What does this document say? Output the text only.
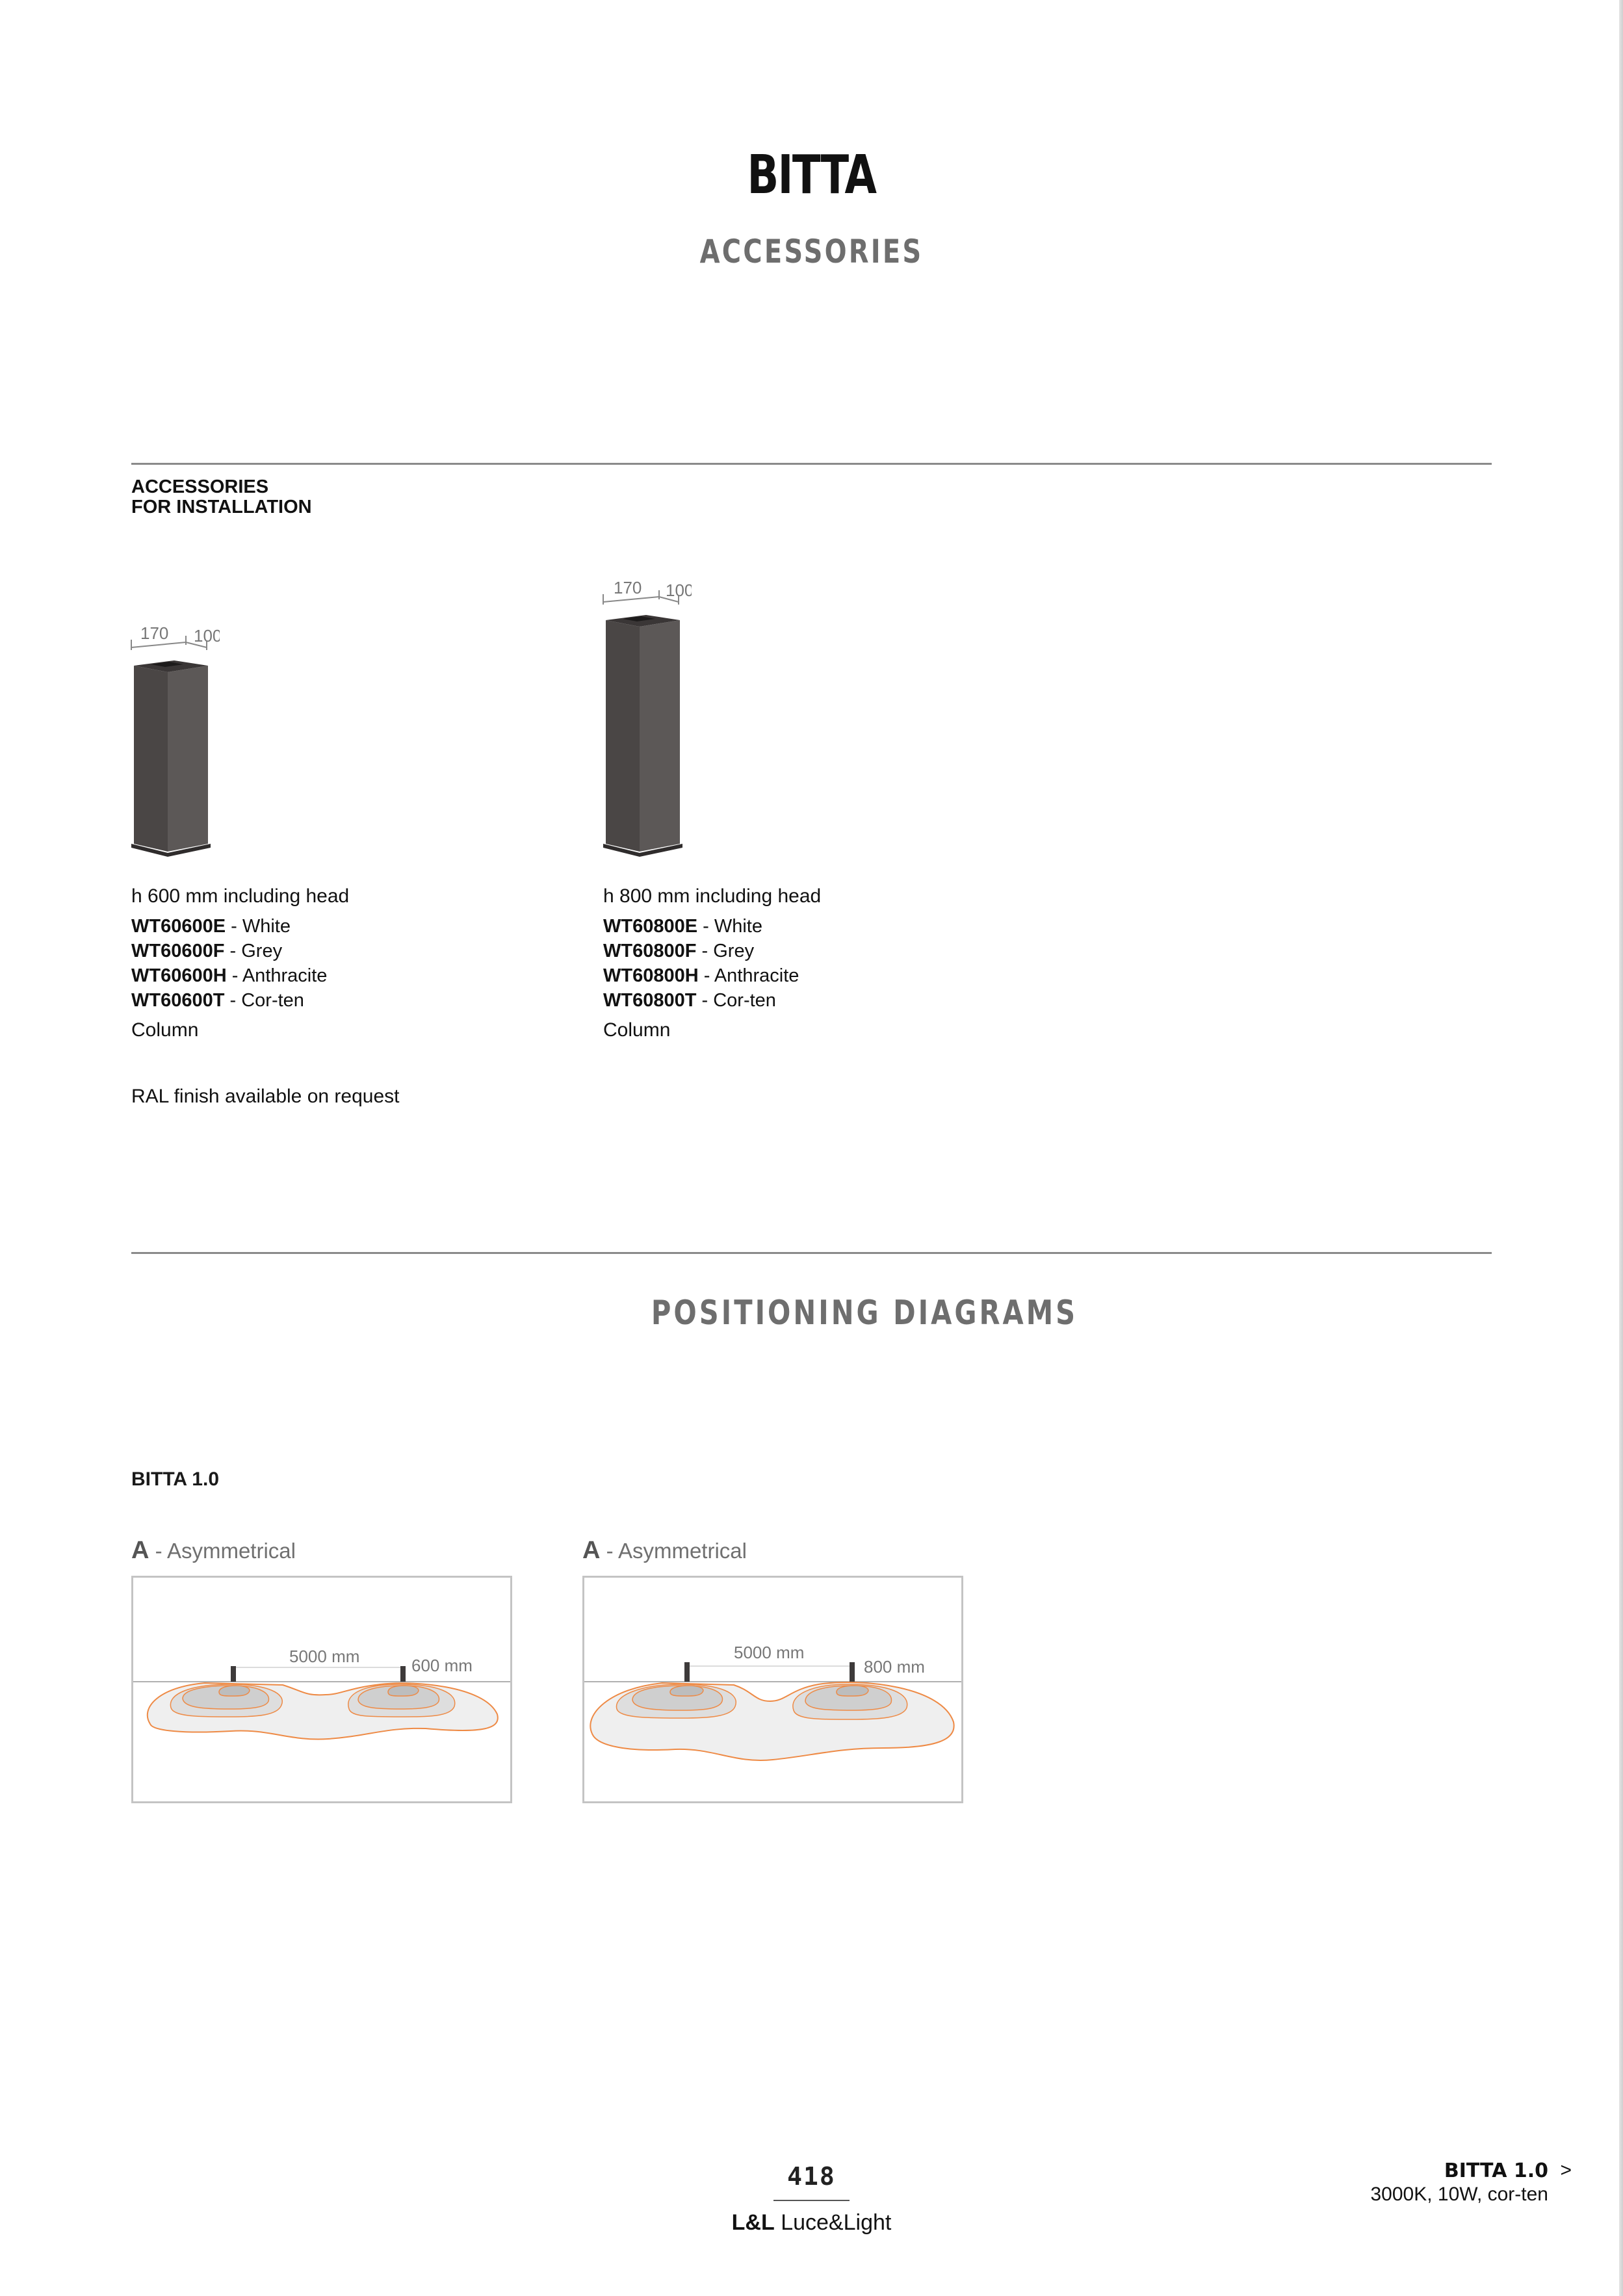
BITTA
ACCESSORIES
ACCESSORIES
FOR INSTALLATION
170 100
h 600 mm including head
WT60600E - White
WT60600F - Grey
WT60600H - Anthracite
WT60600T - Cor-ten
Column
170 100
h 800 mm including head
WT60800E - White
WT60800F - Grey
WT60800H - Anthracite
WT60800T - Cor-ten
Column
RAL finish available on request
POSITIONING DIAGRAMS
BITTA 1.0
A - Asymmetrical
5000 mm	600 mm
A - Asymmetrical
5000 mm
800 mm
418
L&L Luce&Light
BITTA 1.0 >
3000K, 10W, cor-ten
